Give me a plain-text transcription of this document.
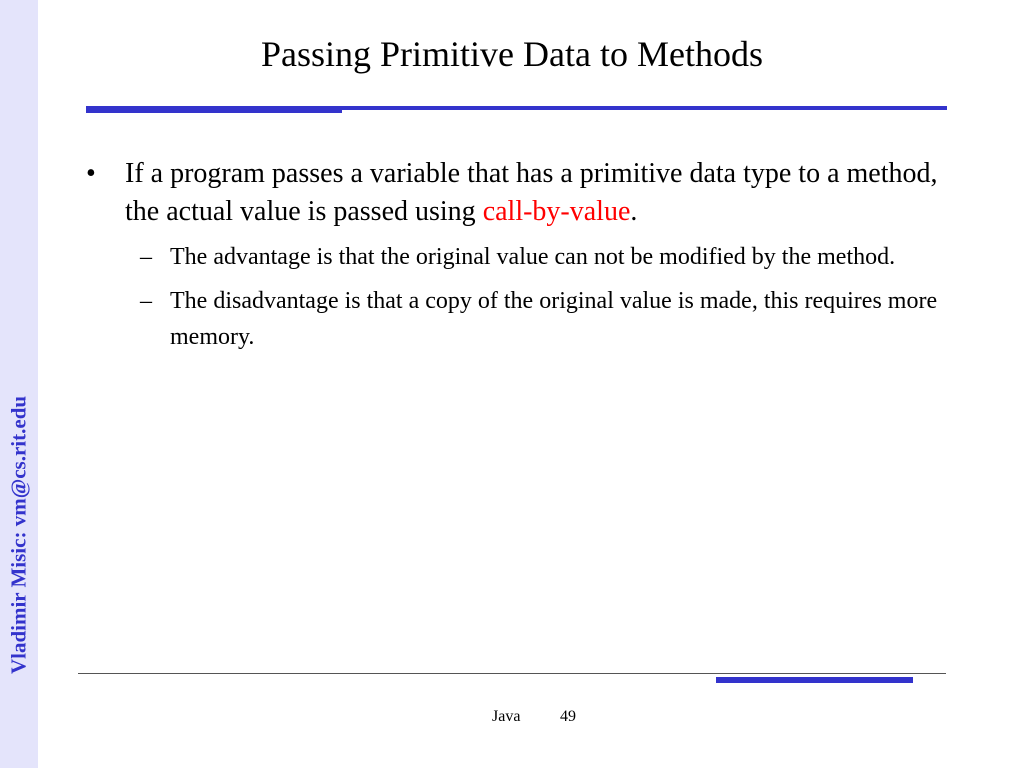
Vladimir Misic: vm@cs.rit.edu
Passing Primitive Data to Methods
• If a program passes a variable that has a primitive data type to a method, the actual value is passed using call-by-value.
– The advantage is that the original value can not be modified by the method.
– The disadvantage is that a copy of the original value is made, this requires more memory.
Java 49
